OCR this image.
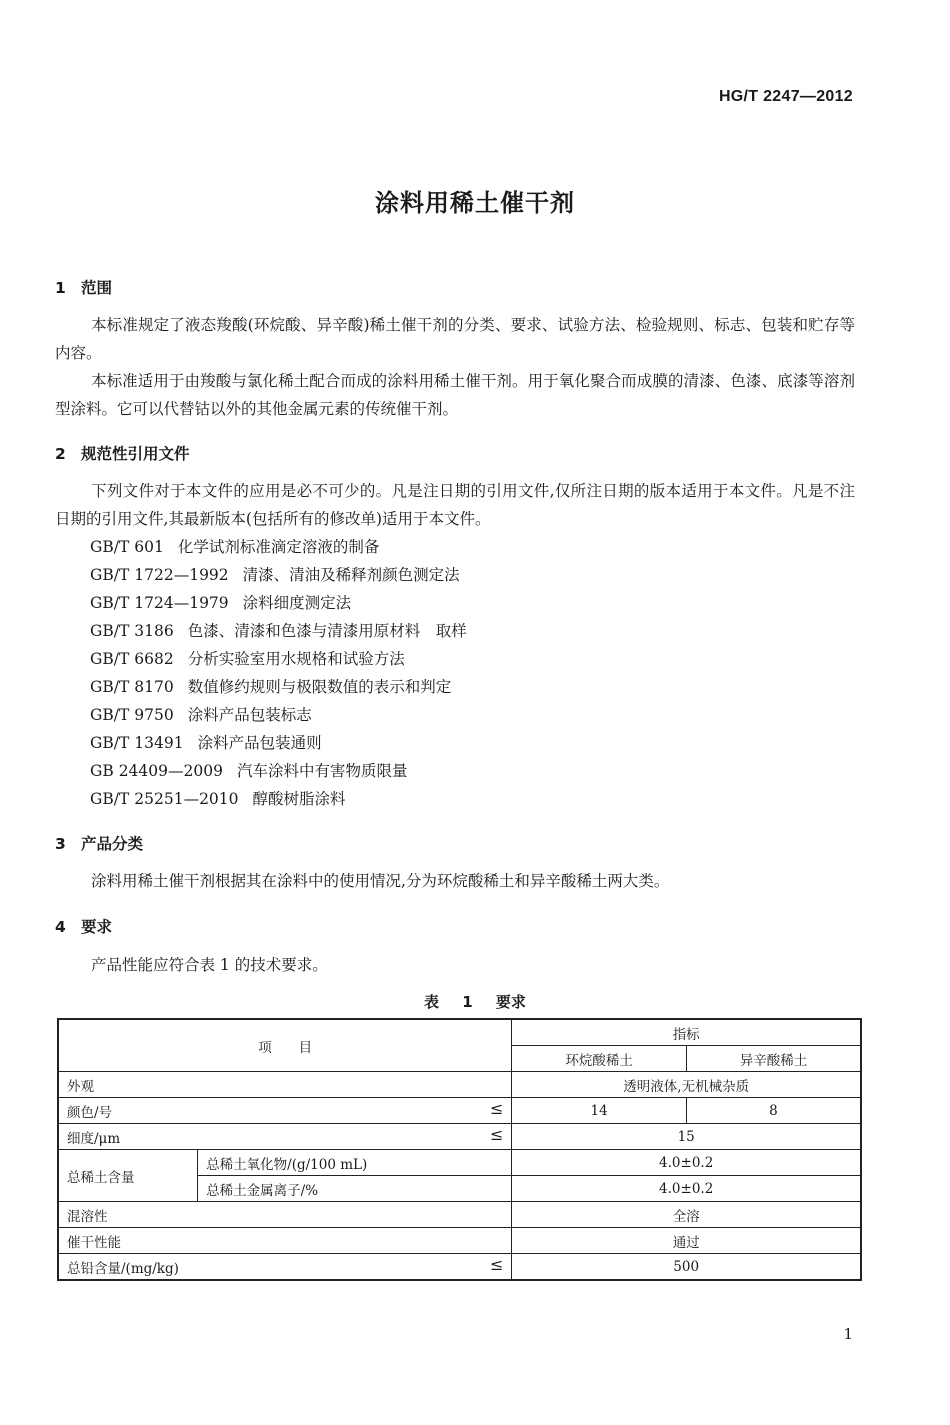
HG/T 2247—2012
涂料用稀土催干剂
1 范围
本标准规定了液态羧酸(环烷酸、异辛酸)稀土催干剂的分类、要求、试验方法、检验规则、标志、包装和贮存等内容。
本标准适用于由羧酸与氯化稀土配合而成的涂料用稀土催干剂。用于氧化聚合而成膜的清漆、色漆、底漆等溶剂型涂料。它可以代替钴以外的其他金属元素的传统催干剂。
2 规范性引用文件
下列文件对于本文件的应用是必不可少的。凡是注日期的引用文件,仅所注日期的版本适用于本文件。凡是不注日期的引用文件,其最新版本(包括所有的修改单)适用于本文件。
GB/T 601 化学试剂标准滴定溶液的制备
GB/T 1722—1992 清漆、清油及稀释剂颜色测定法
GB/T 1724—1979 涂料细度测定法
GB/T 3186 色漆、清漆和色漆与清漆用原材料　取样
GB/T 6682 分析实验室用水规格和试验方法
GB/T 8170 数值修约规则与极限数值的表示和判定
GB/T 9750 涂料产品包装标志
GB/T 13491 涂料产品包装通则
GB 24409—2009 汽车涂料中有害物质限量
GB/T 25251—2010 醇酸树脂涂料
3 产品分类
涂料用稀土催干剂根据其在涂料中的使用情况,分为环烷酸稀土和异辛酸稀土两大类。
4 要求
产品性能应符合表 1 的技术要求。
表 1 要求
项　　目		指标	
		环烷酸稀土	异辛酸稀土
外观		透明液体,无机械杂质	
颜色/号 ≤		14	8
细度/μm ≤		15	
总稀土含量	总稀土氧化物/(g/100 mL)	4.0±0.2	
	总稀土金属离子/%	4.0±0.2	
混溶性		全溶	
催干性能		通过	
总铅含量/(mg/kg) ≤		500	
1
